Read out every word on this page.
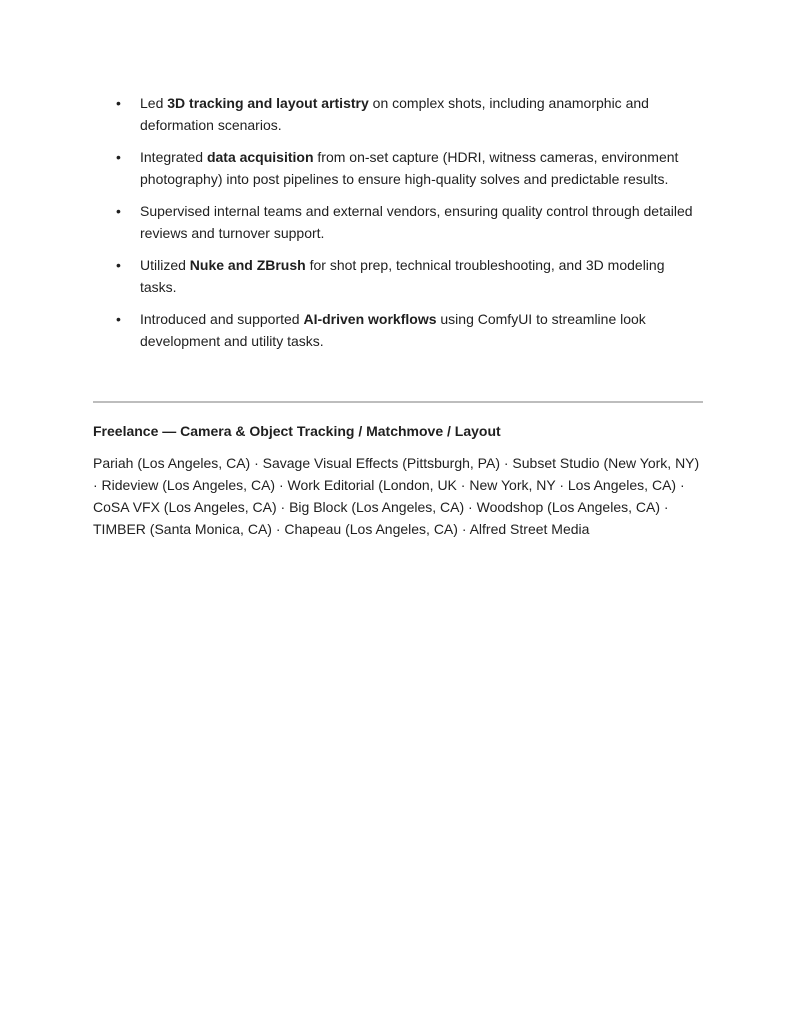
• Led 3D tracking and layout artistry on complex shots, including anamorphic and deformation scenarios.
• Integrated data acquisition from on-set capture (HDRI, witness cameras, environment photography) into post pipelines to ensure high-quality solves and predictable results.
• Supervised internal teams and external vendors, ensuring quality control through detailed reviews and turnover support.
• Utilized Nuke and ZBrush for shot prep, technical troubleshooting, and 3D modeling tasks.
• Introduced and supported AI-driven workflows using ComfyUI to streamline look development and utility tasks.

Freelance — Camera & Object Tracking / Matchmove / Layout

Pariah (Los Angeles, CA) · Savage Visual Effects (Pittsburgh, PA) · Subset Studio (New York, NY) · Rideview (Los Angeles, CA) · Work Editorial (London, UK · New York, NY · Los Angeles, CA) · CoSA VFX (Los Angeles, CA) · Big Block (Los Angeles, CA) · Woodshop (Los Angeles, CA) · TIMBER (Santa Monica, CA) · Chapeau (Los Angeles, CA) · Alfred Street Media
